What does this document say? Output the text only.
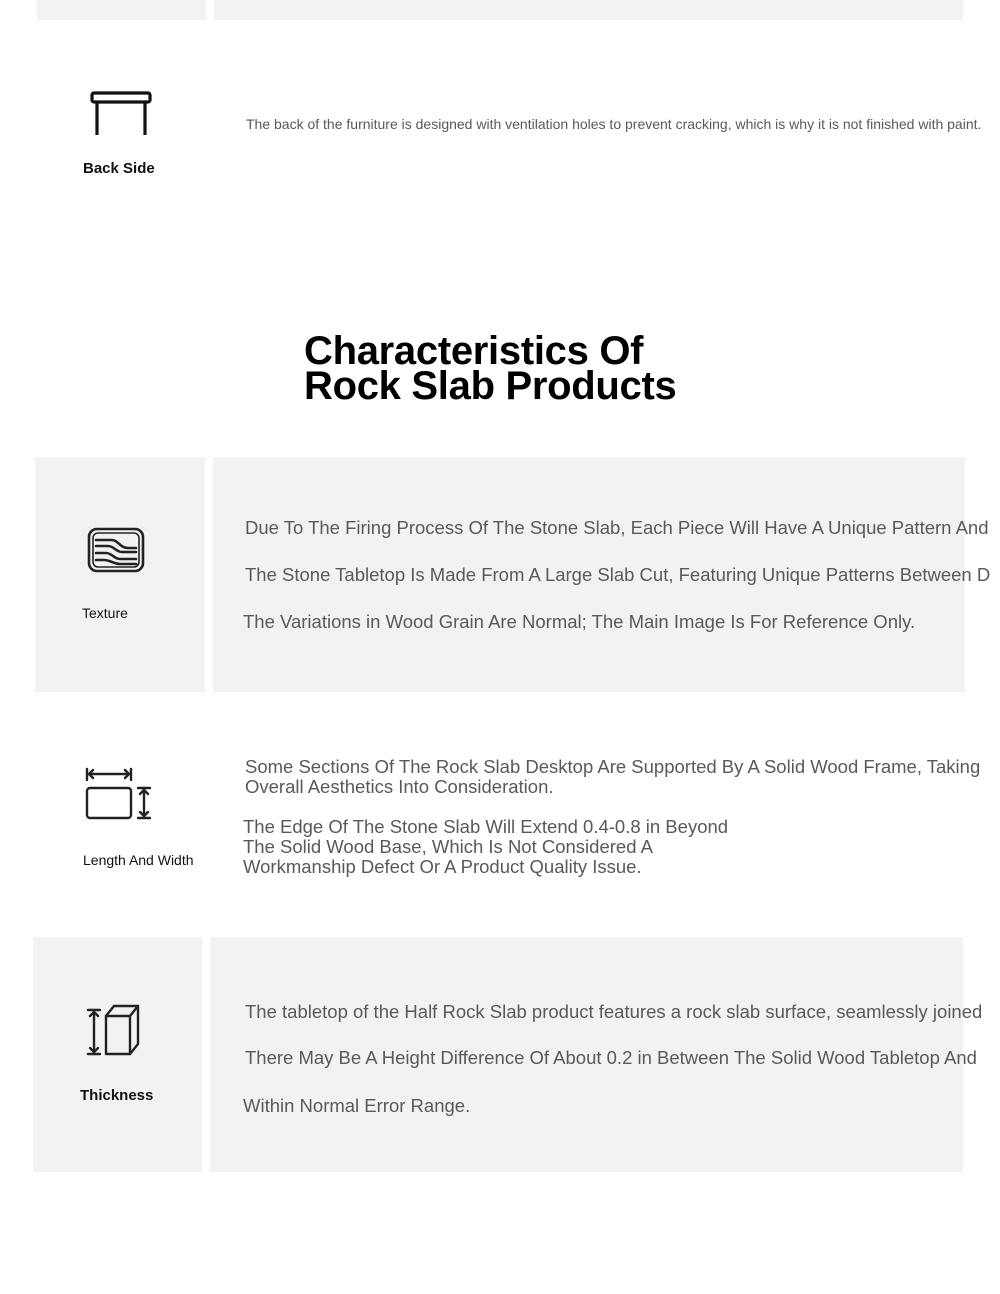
Back Side

The back of the furniture is designed with ventilation holes to prevent cracking, which is why it is not finished with paint.

Characteristics Of
Rock Slab Products
Texture

Due To The Firing Process Of The Stone Slab, Each Piece Will Have A Unique Pattern And

The Stone Tabletop Is Made From A Large Slab Cut, Featuring Unique Patterns Between D

The Variations in Wood Grain Are Normal; The Main Image Is For Reference Only.

Length And Width

Some Sections Of The Rock Slab Desktop Are Supported By A Solid Wood Frame, Taking

Overall Aesthetics Into Consideration.

The Edge Of The Stone Slab Will Extend 0.4-0.8 in Beyond

The Solid Wood Base, Which Is Not Considered A

Workmanship Defect Or A Product Quality Issue.

Thickness

The tabletop of the Half Rock Slab product features a rock slab surface, seamlessly joined

There May Be A Height Difference Of About 0.2 in Between The Solid Wood Tabletop And

Within Normal Error Range.
